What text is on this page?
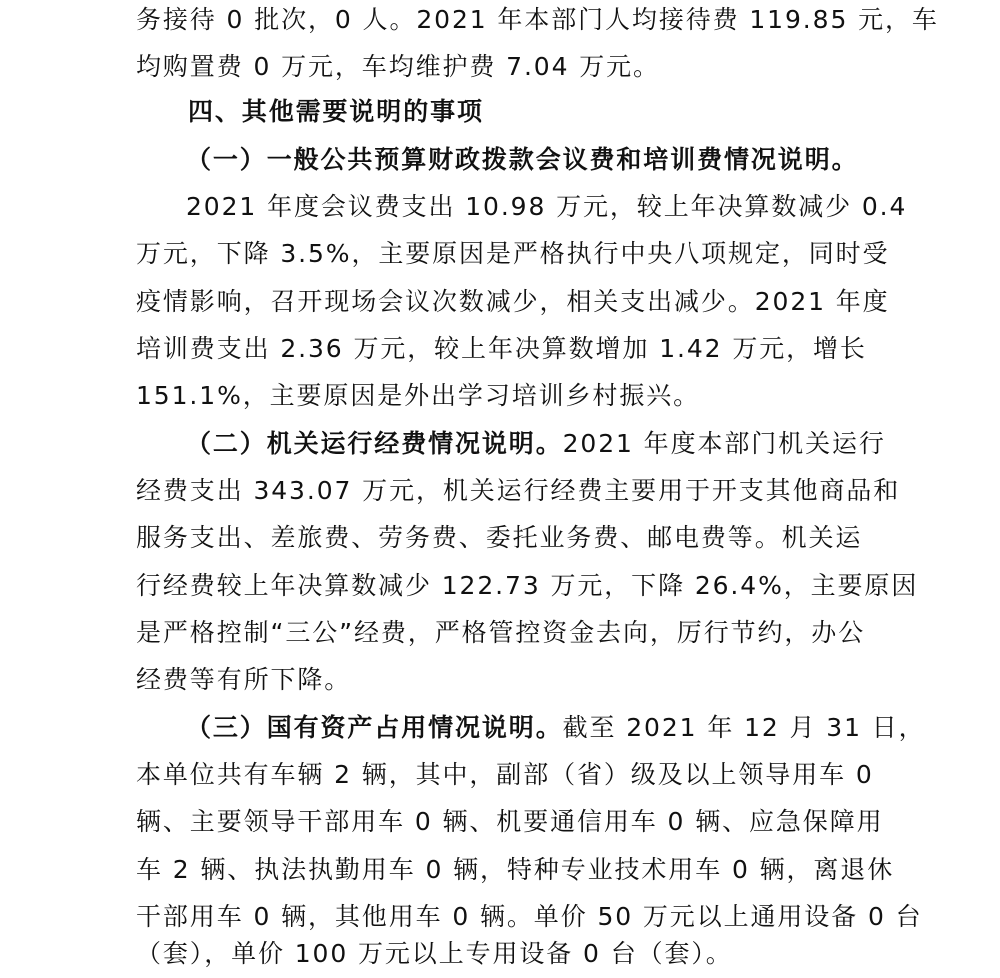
务接待 0 批次，0 人。2021 年本部门人均接待费 119.85 元，车
均购置费 0 万元，车均维护费 7.04 万元。
四、其他需要说明的事项
（一）一般公共预算财政拨款会议费和培训费情况说明。
2021 年度会议费支出 10.98 万元，较上年决算数减少 0.4
万元，下降 3.5%，主要原因是严格执行中央八项规定，同时受
疫情影响，召开现场会议次数减少，相关支出减少。2021 年度
培训费支出 2.36 万元，较上年决算数增加 1.42 万元，增长
151.1%，主要原因是外出学习培训乡村振兴。
（二）机关运行经费情况说明。2021 年度本部门机关运行
经费支出 343.07 万元，机关运行经费主要用于开支其他商品和
服务支出、差旅费、劳务费、委托业务费、邮电费等。机关运
行经费较上年决算数减少 122.73 万元，下降 26.4%，主要原因
是严格控制“三公”经费，严格管控资金去向，厉行节约，办公
经费等有所下降。
（三）国有资产占用情况说明。截至 2021 年 12 月 31 日，
本单位共有车辆 2 辆，其中，副部（省）级及以上领导用车 0
辆、主要领导干部用车 0 辆、机要通信用车 0 辆、应急保障用
车 2 辆、执法执勤用车 0 辆，特种专业技术用车 0 辆，离退休
干部用车 0 辆，其他用车 0 辆。单价 50 万元以上通用设备 0 台
（套），单价 100 万元以上专用设备 0 台（套）。
